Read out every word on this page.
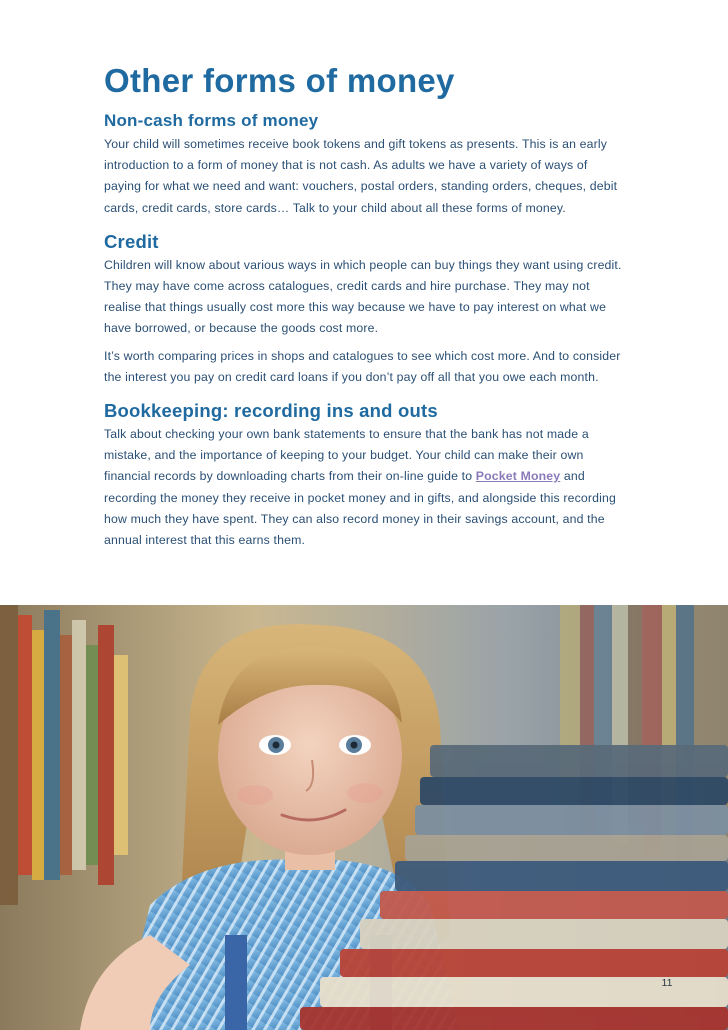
Other forms of money
Non-cash forms of money

Your child will sometimes receive book tokens and gift tokens as presents. This is an early introduction to a form of money that is not cash. As adults we have a variety of ways of paying for what we need and want: vouchers, postal orders, standing orders, cheques, debit cards, credit cards, store cards… Talk to your child about all these forms of money.

Credit

Children will know about various ways in which people can buy things they want using credit. They may have come across catalogues, credit cards and hire purchase. They may not realise that things usually cost more this way because we have to pay interest on what we have borrowed, or because the goods cost more.

It’s worth comparing prices in shops and catalogues to see which cost more. And to consider the interest you pay on credit card loans if you don’t pay off all that you owe each month.

Bookkeeping: recording ins and outs

Talk about checking your own bank statements to ensure that the bank has not made a mistake, and the importance of keeping to your budget. Your child can make their own financial records by downloading charts from their on-line guide to Pocket Money and recording the money they receive in pocket money and in gifts, and alongside this recording how much they have spent. They can also record money in their savings account, and the annual interest that this earns them.

11
